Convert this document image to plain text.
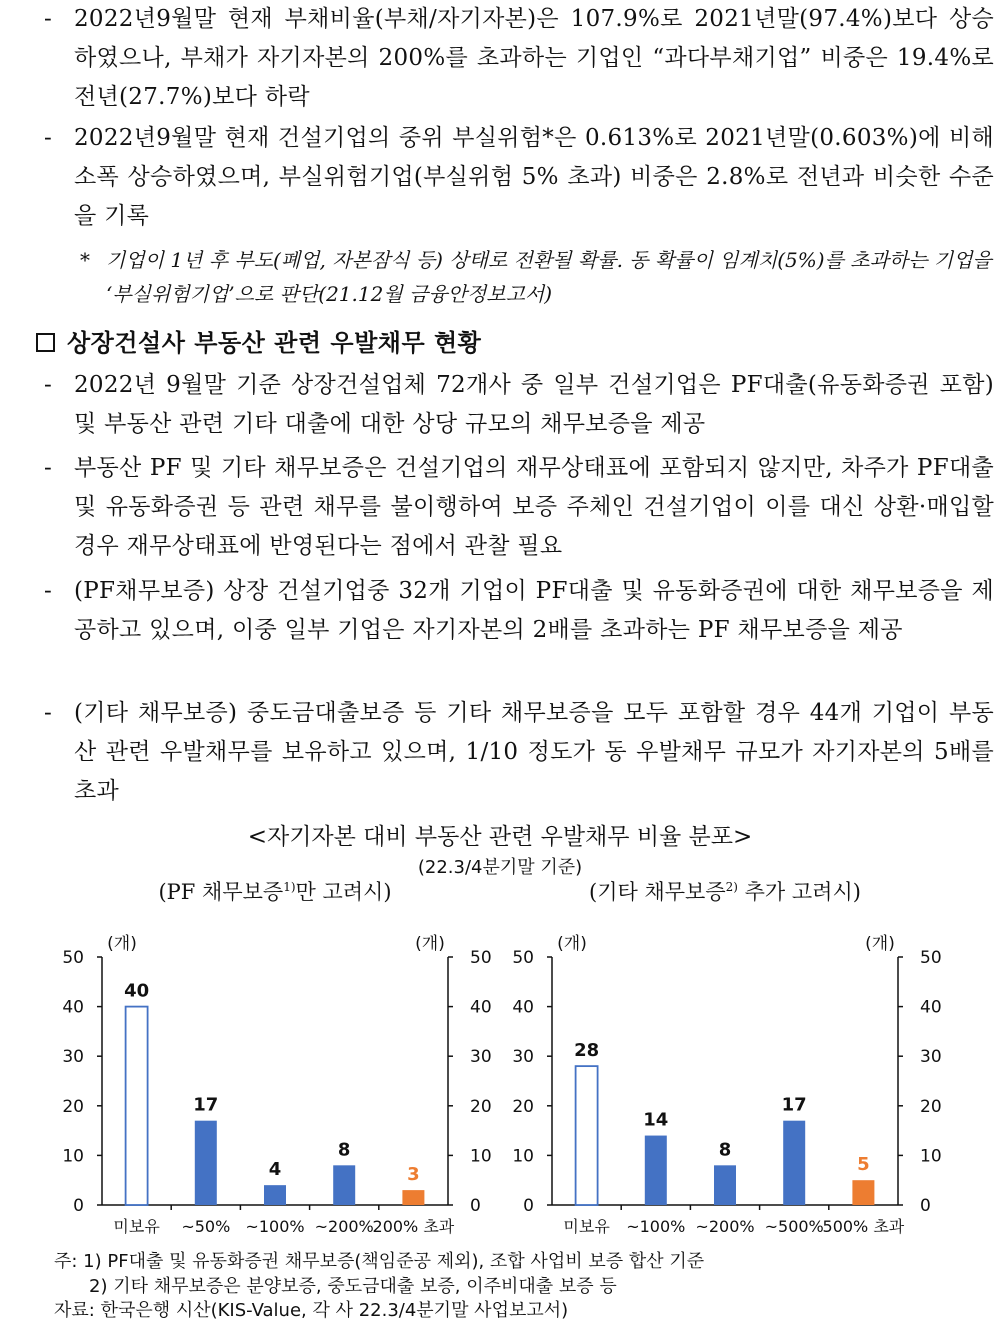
- 2022년9월말 현재 부채비율(부채/자기자본)은 107.9%로 2021년말(97.4%)보다 상승하였으나, 부채가 자기자본의 200%를 초과하는 기업인 “과다부채기업” 비중은 19.4%로 전년(27.7%)보다 하락
- 2022년9월말 현재 건설기업의 중위 부실위험*은 0.613%로 2021년말(0.603%)에 비해 소폭 상승하였으며, 부실위험기업(부실위험 5% 초과) 비중은 2.8%로 전년과 비슷한 수준을 기록
* 기업이 1년 후 부도(폐업, 자본잠식 등) 상태로 전환될 확률. 동 확률이 임계치(5%)를 초과하는 기업을 ‘부실위험기업’으로 판단(21.12월 금융안정보고서)
상장건설사 부동산 관련 우발채무 현황
- 2022년 9월말 기준 상장건설업체 72개사 중 일부 건설기업은 PF대출(유동화증권 포함) 및 부동산 관련 기타 대출에 대한 상당 규모의 채무보증을 제공
- 부동산 PF 및 기타 채무보증은 건설기업의 재무상태표에 포함되지 않지만, 차주가 PF대출 및 유동화증권 등 관련 채무를 불이행하여 보증 주체인 건설기업이 이를 대신 상환·매입할 경우 재무상태표에 반영된다는 점에서 관찰 필요
- (PF채무보증) 상장 건설기업중 32개 기업이 PF대출 및 유동화증권에 대한 채무보증을 제공하고 있으며, 이중 일부 기업은 자기자본의 2배를 초과하는 PF 채무보증을 제공
- (기타 채무보증) 중도금대출보증 등 기타 채무보증을 모두 포함할 경우 44개 기업이 부동산 관련 우발채무를 보유하고 있으며, 1/10 정도가 동 우발채무 규모가 자기자본의 5배를 초과
<자기자본 대비 부동산 관련 우발채무 비율 분포>
(22.3/4분기말 기준)
(PF 채무보증$^{1)}$만 고려시)	(기타 채무보증$^{2)}$ 추가 고려시)
0	0
10	10
20	20
30	30
40	40
50	50
(개)	(개)
40
미보유
17
~50%
4
~100%
8
~200%
3
200% 초과
0	0
10	10
20	20
30	30
40	40
50	50
(개)	(개)
28
미보유
14
~100%
8
~200%
17
~500%
5
500% 초과
주: 1) PF대출 및 유동화증권 채무보증(책임준공 제외), 조합 사업비 보증 합산 기준
2) 기타 채무보증은 분양보증, 중도금대출 보증, 이주비대출 보증 등
자료: 한국은행 시산(KIS-Value, 각 사 22.3/4분기말 사업보고서)
